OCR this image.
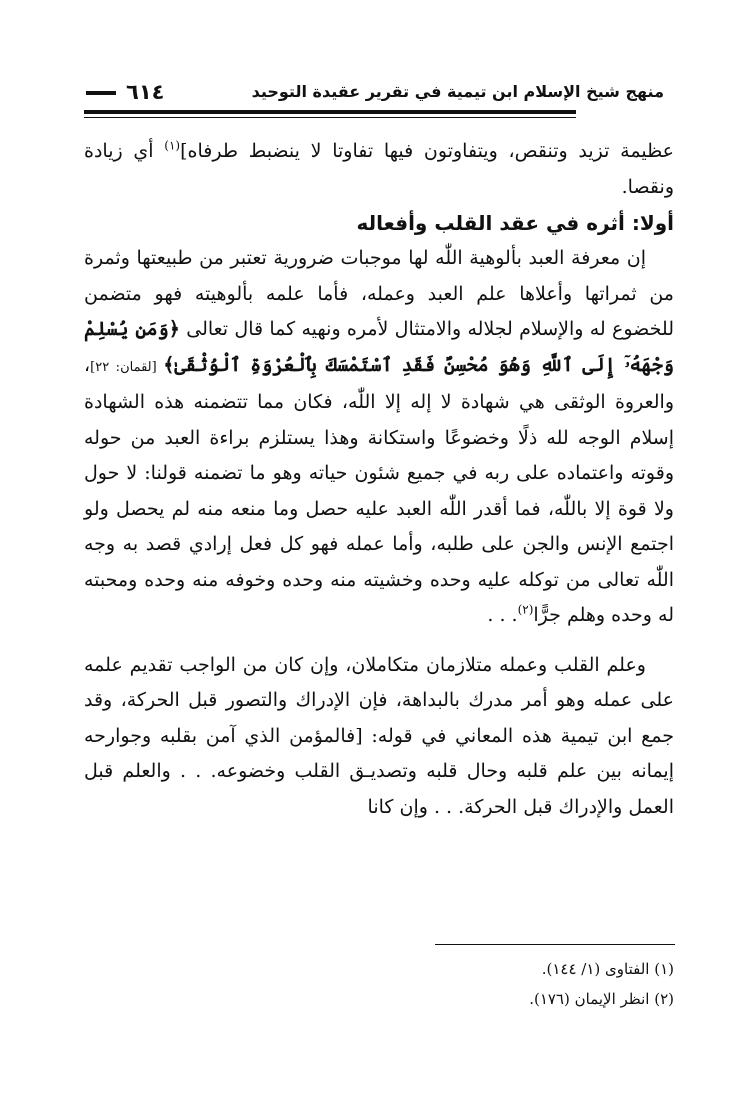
منهج شيخ الإسلام ابن تيمية في تقرير عقيدة التوحيد
٦١٤

عظيمة تزيد وتنقص، ويتفاوتون فيها تفاوتا لا ينضبط طرفاه]$^{(١)}$ أي زيادة ونقصا.

أولا: أثره في عقد القلب وأفعاله

إن معرفة العبد بألوهية اللّٰه لها موجبات ضرورية تعتبر من طبيعتها وثمرة من ثمراتها وأعلاها علم العبد وعمله، فأما علمه بألوهيته فهو متضمن للخضوع له والإسلام لجلاله والامتثال لأمره ونهيه كما قال تعالى ﴿وَمَن يُسْلِمْ وَجْهَهُۥٓ إِلَى ٱللَّهِ وَهُوَ مُحْسِنٌ فَقَدِ ٱسْتَمْسَكَ بِٱلْعُرْوَةِ ٱلْوُثْقَىٰ﴾ [لقمان: ٢٢]، والعروة الوثقى هي شهادة لا إله إلا اللّٰه، فكان مما تتضمنه هذه الشهادة إسلام الوجه لله ذلًا وخضوعًا واستكانة وهذا يستلزم براءة العبد من حوله وقوته واعتماده على ربه في جميع شئون حياته وهو ما تضمنه قولنا: لا حول ولا قوة إلا باللّٰه، فما أقدر اللّٰه العبد عليه حصل وما منعه منه لم يحصل ولو اجتمع الإنس والجن على طلبه، وأما عمله فهو كل فعل إرادي قصد به وجه اللّٰه تعالى من توكله عليه وحده وخشيته منه وحده وخوفه منه وحده ومحبته له وحده وهلم جرًّا$^{(٢)}$. . .

وعلم القلب وعمله متلازمان متكاملان، وإن كان من الواجب تقديم علمه على عمله وهو أمر مدرك بالبداهة، فإن الإدراك والتصور قبل الحركة، وقد جمع ابن تيمية هذه المعاني في قوله: [فالمؤمن الذي آمن بقلبه وجوارحه إيمانه بين علم قلبه وحال قلبه وتصديـق القلب وخضوعه. . . والعلم قبل العمل والإدراك قبل الحركة. . . وإن كانا

(١) الفتاوى (١/ ١٤٤).

(٢) انظر الإيمان (١٧٦).
